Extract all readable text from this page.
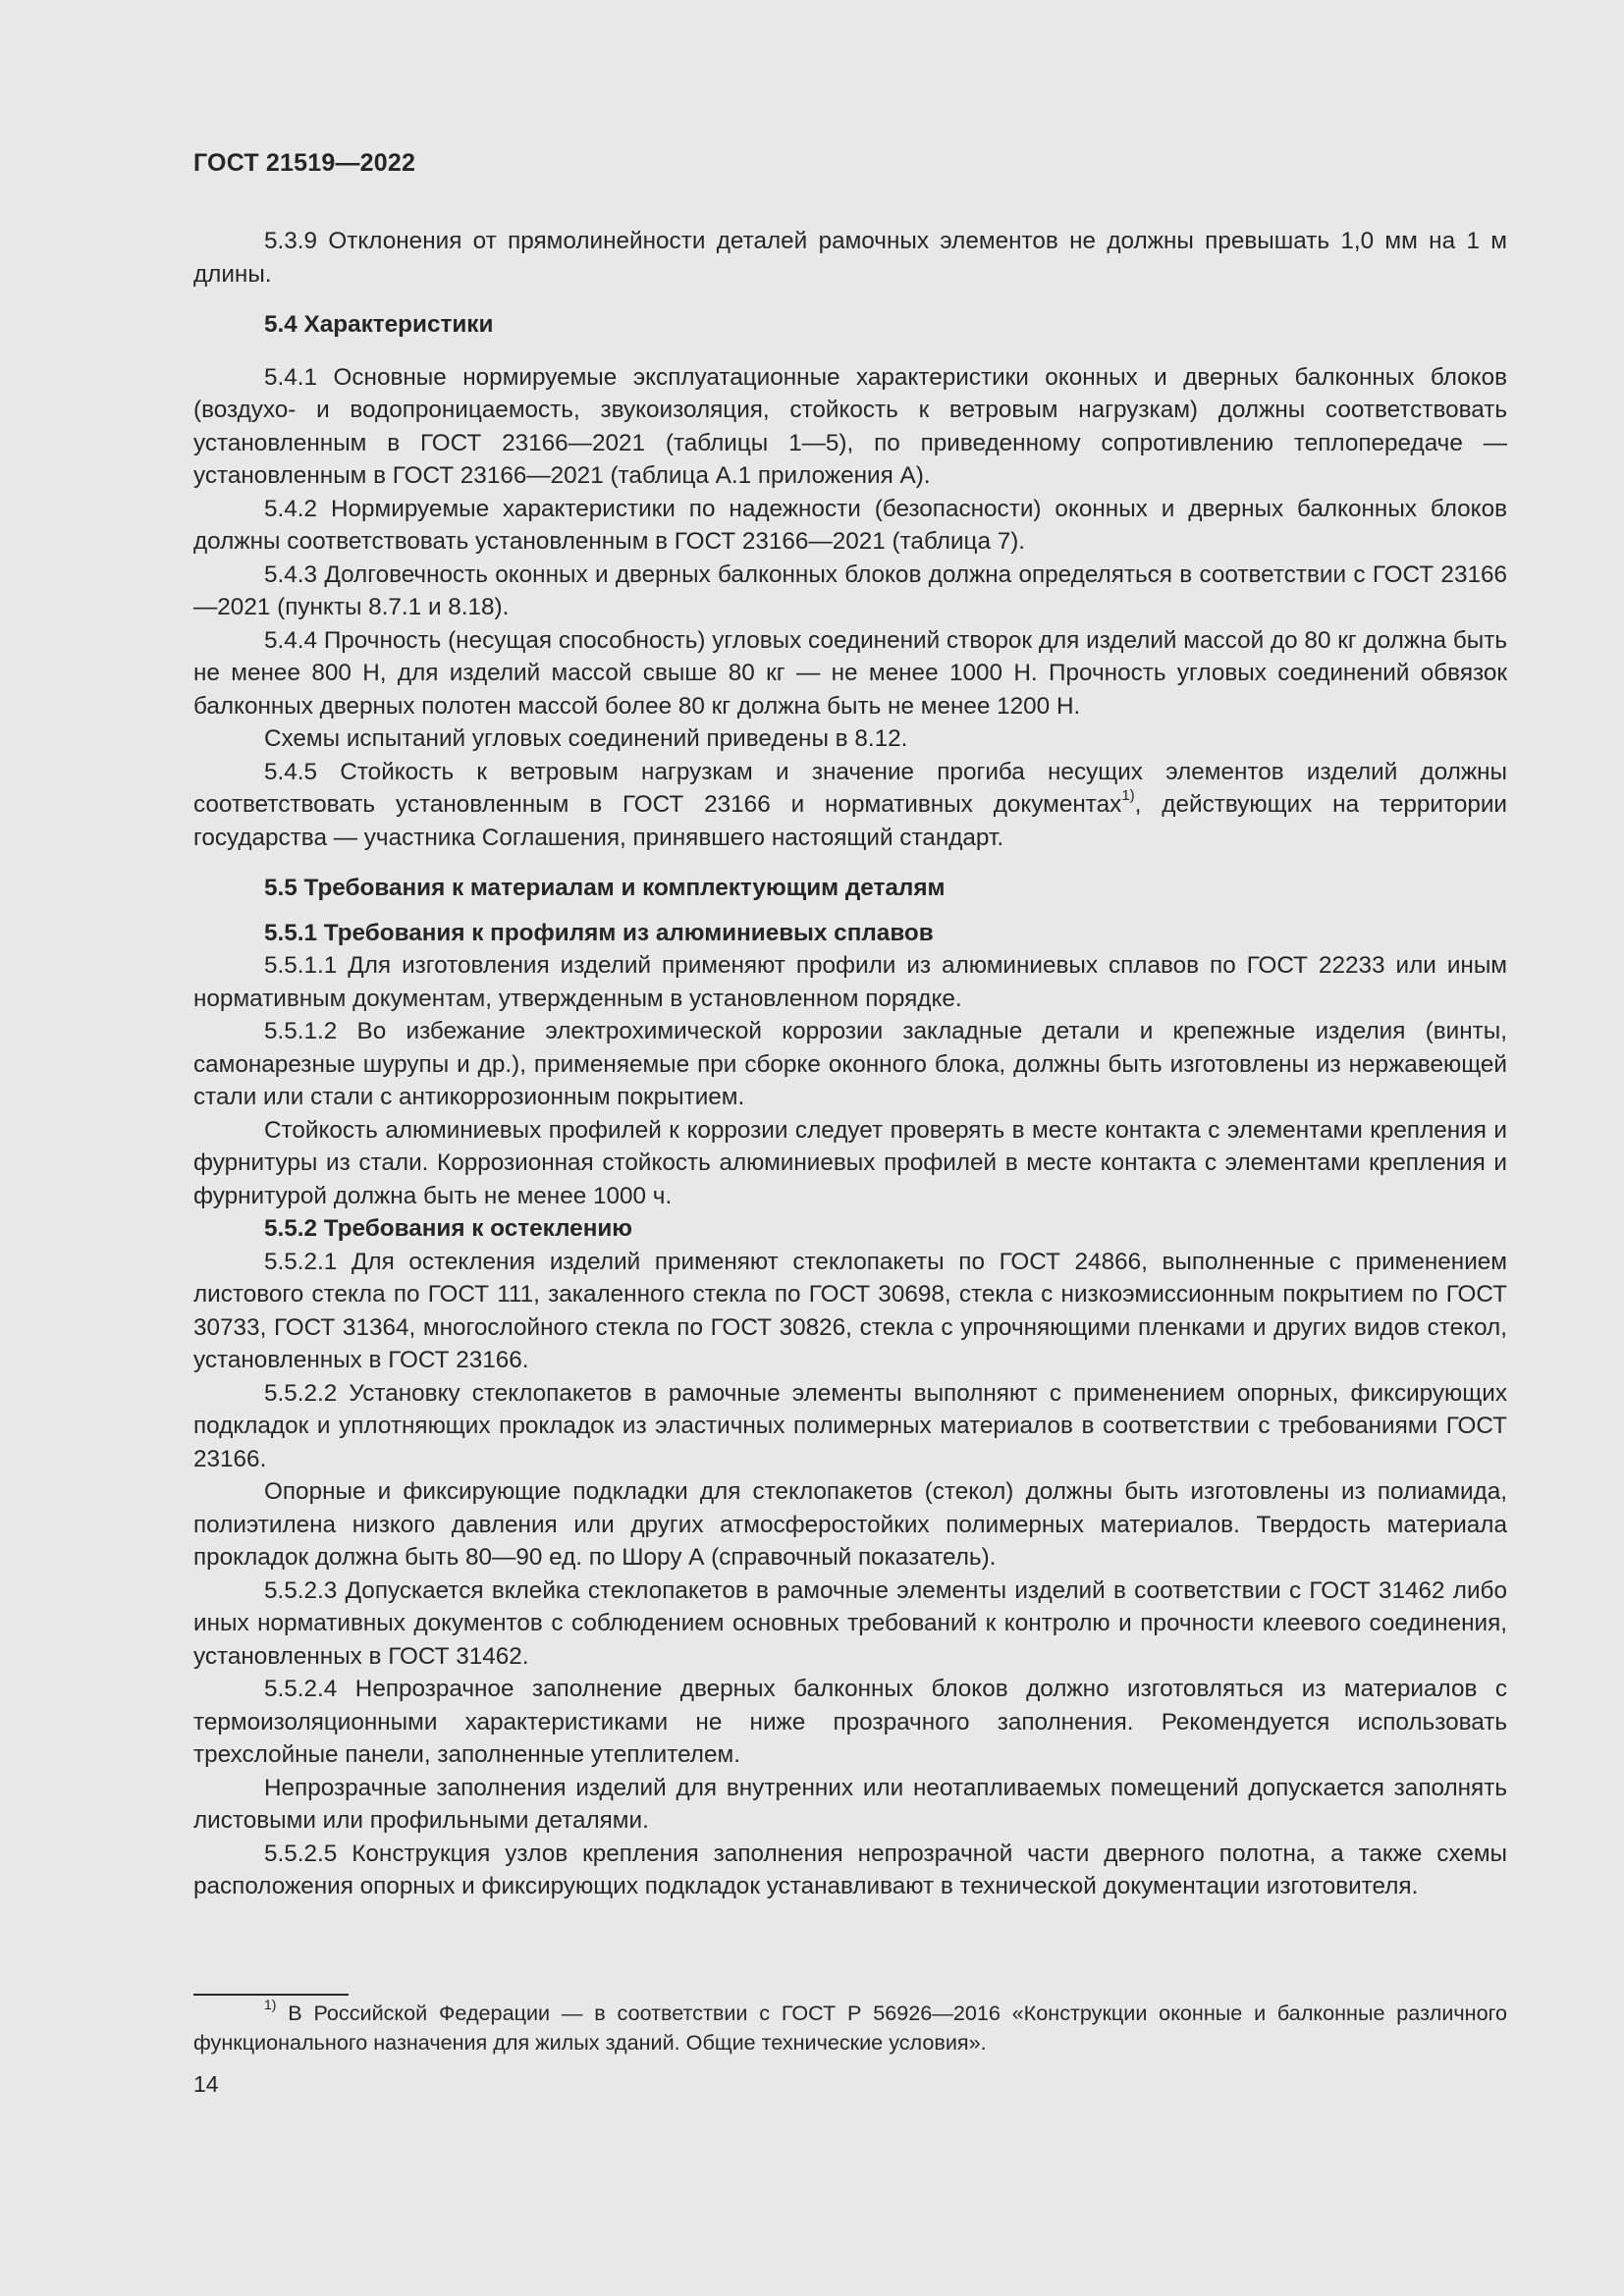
ГОСТ 21519—2022

5.3.9 Отклонения от прямолинейности деталей рамочных элементов не должны превышать 1,0 мм на 1 м длины.

5.4 Характеристики

5.4.1 Основные нормируемые эксплуатационные характеристики оконных и дверных балконных блоков (воздухо- и водопроницаемость, звукоизоляция, стойкость к ветровым нагрузкам) должны соответствовать установленным в ГОСТ 23166—2021 (таблицы 1—5), по приведенному сопротивлению теплопередаче — установленным в ГОСТ 23166—2021 (таблица А.1 приложения А).

5.4.2 Нормируемые характеристики по надежности (безопасности) оконных и дверных балконных блоков должны соответствовать установленным в ГОСТ 23166—2021 (таблица 7).

5.4.3 Долговечность оконных и дверных балконных блоков должна определяться в соответствии с ГОСТ 23166—2021 (пункты 8.7.1 и 8.18).

5.4.4 Прочность (несущая способность) угловых соединений створок для изделий массой до 80 кг должна быть не менее 800 Н, для изделий массой свыше 80 кг — не менее 1000 Н. Прочность угловых соединений обвязок балконных дверных полотен массой более 80 кг должна быть не менее 1200 Н.

Схемы испытаний угловых соединений приведены в 8.12.

5.4.5 Стойкость к ветровым нагрузкам и значение прогиба несущих элементов изделий должны соответствовать установленным в ГОСТ 23166 и нормативных документах$^{1)}$, действующих на территории государства — участника Соглашения, принявшего настоящий стандарт.

5.5 Требования к материалам и комплектующим деталям

5.5.1 Требования к профилям из алюминиевых сплавов

5.5.1.1 Для изготовления изделий применяют профили из алюминиевых сплавов по ГОСТ 22233 или иным нормативным документам, утвержденным в установленном порядке.

5.5.1.2 Во избежание электрохимической коррозии закладные детали и крепежные изделия (винты, самонарезные шурупы и др.), применяемые при сборке оконного блока, должны быть изготовлены из нержавеющей стали или стали с антикоррозионным покрытием.

Стойкость алюминиевых профилей к коррозии следует проверять в месте контакта с элементами крепления и фурнитуры из стали. Коррозионная стойкость алюминиевых профилей в месте контакта с элементами крепления и фурнитурой должна быть не менее 1000 ч.

5.5.2 Требования к остеклению

5.5.2.1 Для остекления изделий применяют стеклопакеты по ГОСТ 24866, выполненные с применением листового стекла по ГОСТ 111, закаленного стекла по ГОСТ 30698, стекла с низкоэмиссионным покрытием по ГОСТ 30733, ГОСТ 31364, многослойного стекла по ГОСТ 30826, стекла с упрочняющими пленками и других видов стекол, установленных в ГОСТ 23166.

5.5.2.2 Установку стеклопакетов в рамочные элементы выполняют с применением опорных, фиксирующих подкладок и уплотняющих прокладок из эластичных полимерных материалов в соответствии с требованиями ГОСТ 23166.

Опорные и фиксирующие подкладки для стеклопакетов (стекол) должны быть изготовлены из полиамида, полиэтилена низкого давления или других атмосферостойких полимерных материалов. Твердость материала прокладок должна быть 80—90 ед. по Шору А (справочный показатель).

5.5.2.3 Допускается вклейка стеклопакетов в рамочные элементы изделий в соответствии с ГОСТ 31462 либо иных нормативных документов с соблюдением основных требований к контролю и прочности клеевого соединения, установленных в ГОСТ 31462.

5.5.2.4 Непрозрачное заполнение дверных балконных блоков должно изготовляться из материалов с термоизоляционными характеристиками не ниже прозрачного заполнения. Рекомендуется использовать трехслойные панели, заполненные утеплителем.

Непрозрачные заполнения изделий для внутренних или неотапливаемых помещений допускается заполнять листовыми или профильными деталями.

5.5.2.5 Конструкция узлов крепления заполнения непрозрачной части дверного полотна, а также схемы расположения опорных и фиксирующих подкладок устанавливают в технической документации изготовителя.

$^{1)}$ В Российской Федерации — в соответствии с ГОСТ Р 56926—2016 «Конструкции оконные и балконные различного функционального назначения для жилых зданий. Общие технические условия».

14
